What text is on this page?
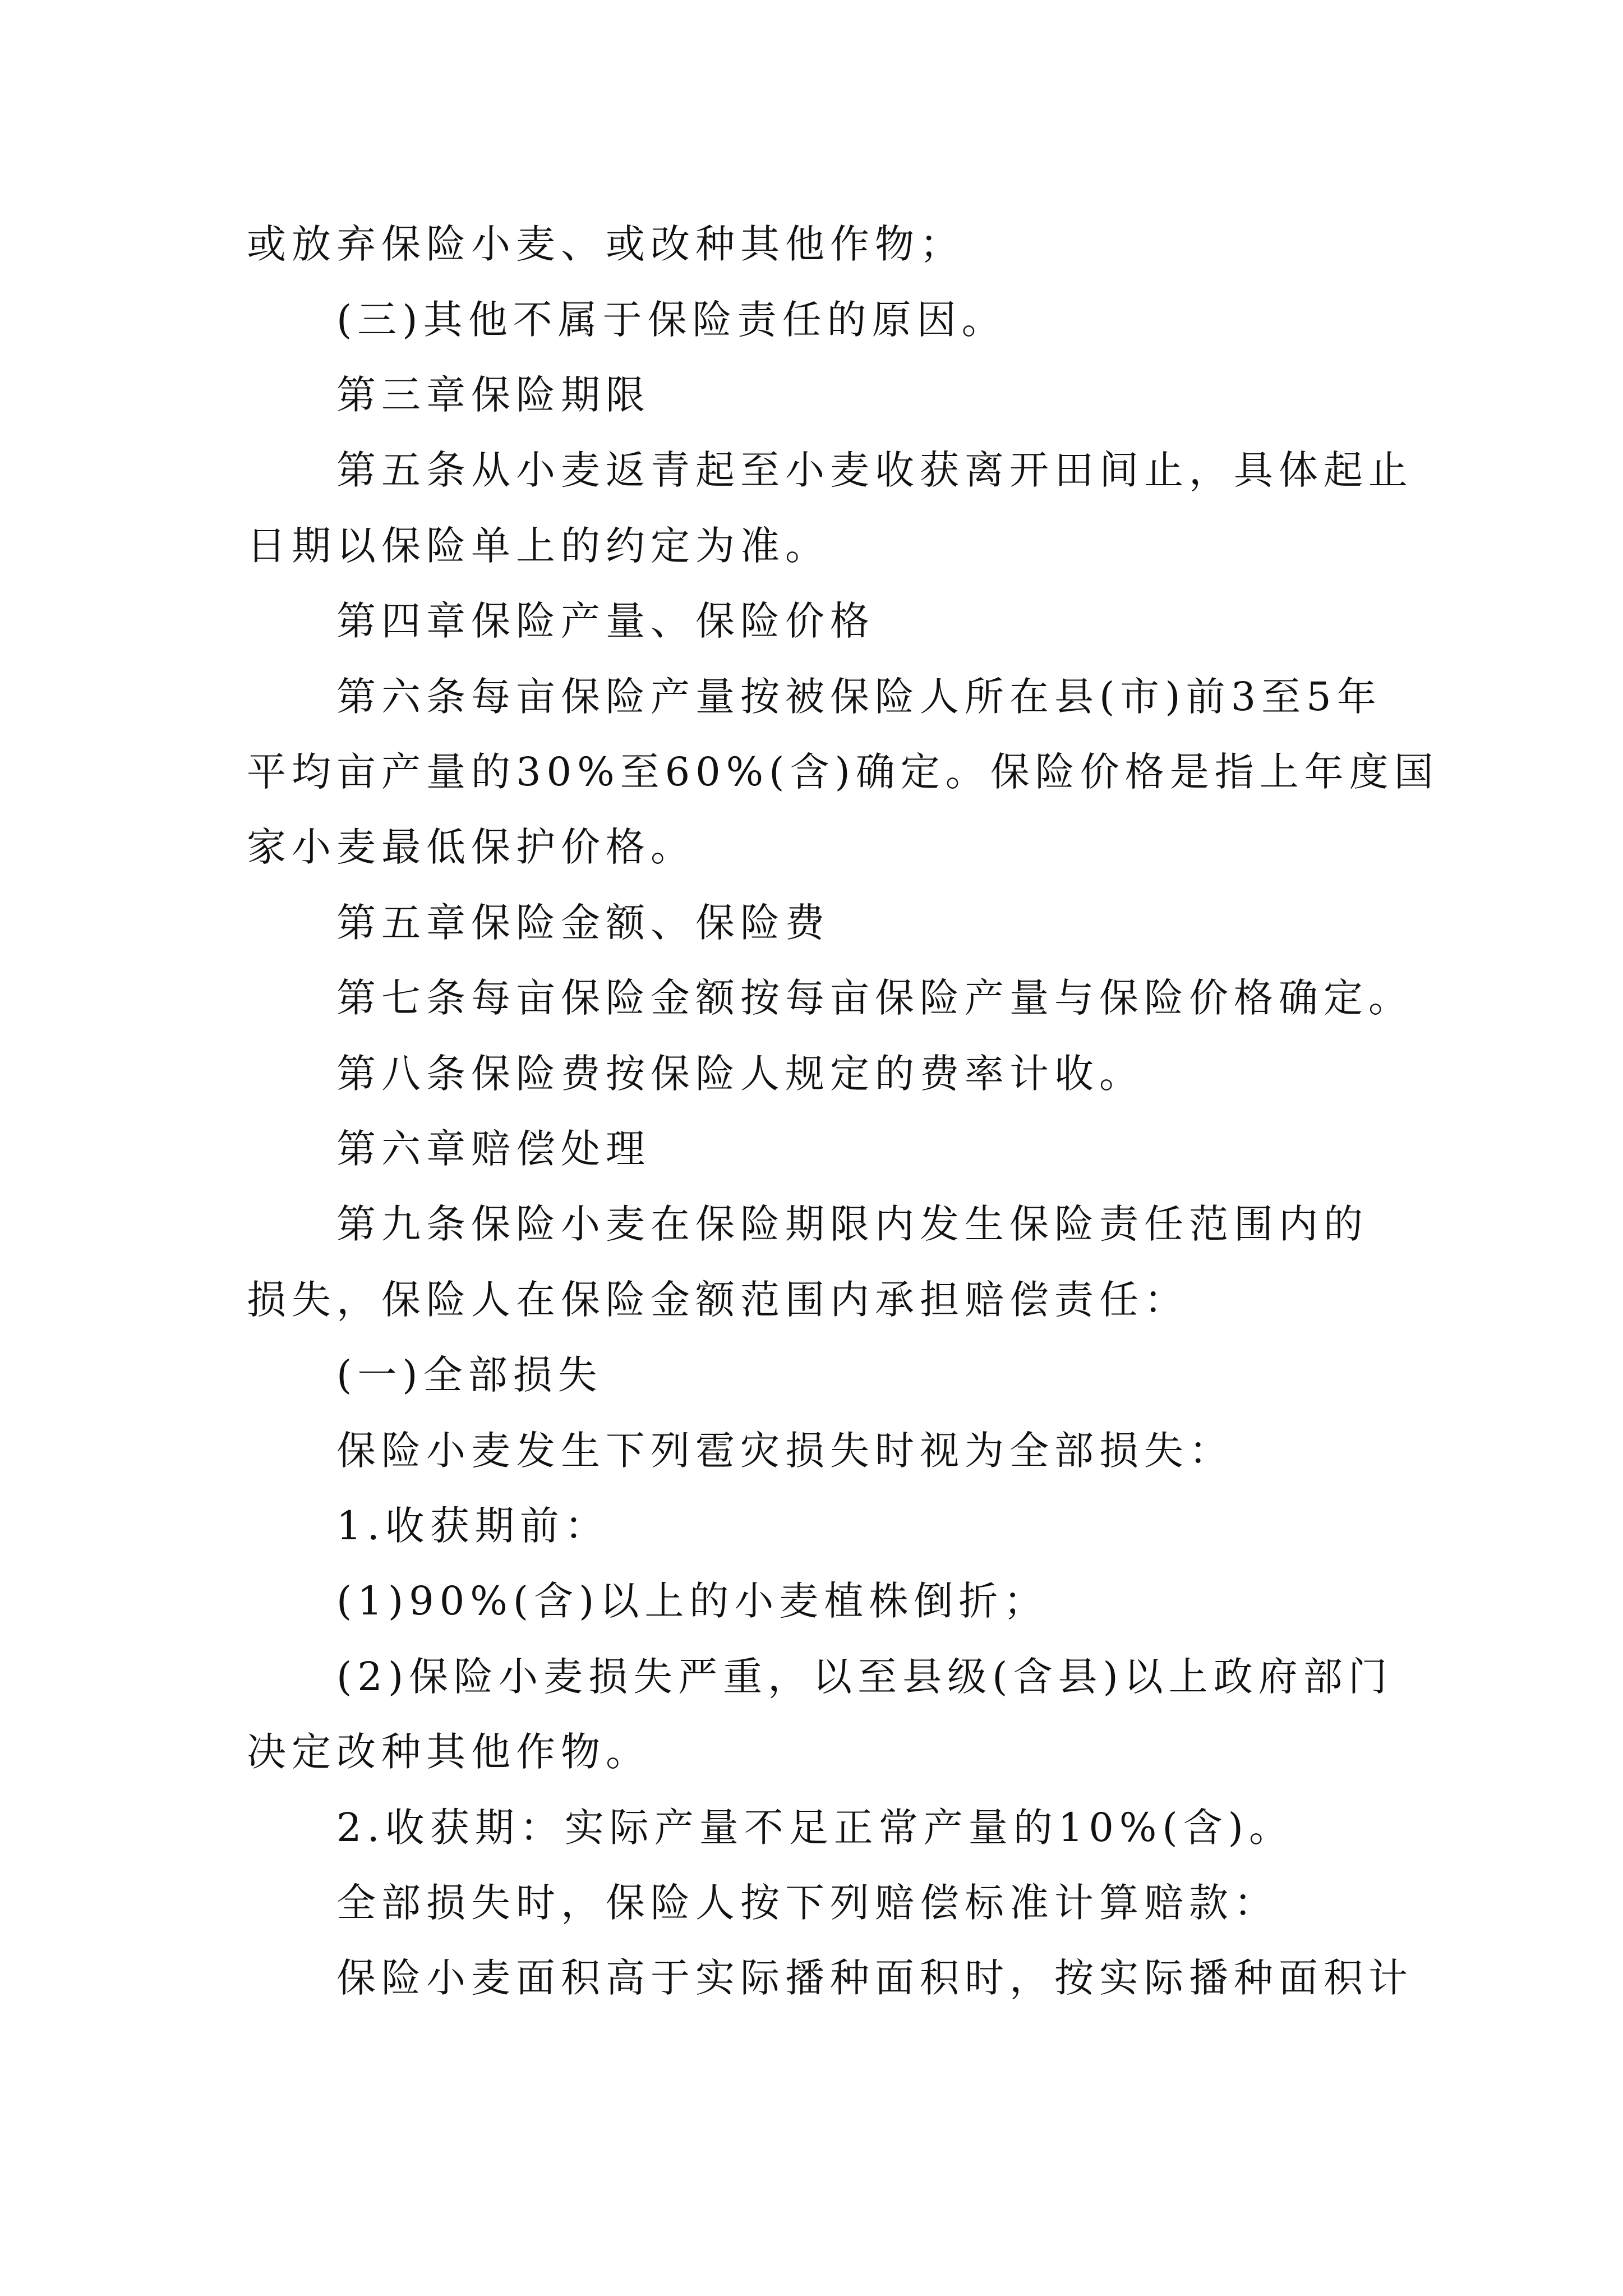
或放弃保险小麦、或改种其他作物；
(三)其他不属于保险责任的原因。
第三章保险期限
第五条从小麦返青起至小麦收获离开田间止，具体起止
日期以保险单上的约定为准。
第四章保险产量、保险价格
第六条每亩保险产量按被保险人所在县(市)前3至5年
平均亩产量的30%至60%(含)确定。保险价格是指上年度国
家小麦最低保护价格。
第五章保险金额、保险费
第七条每亩保险金额按每亩保险产量与保险价格确定。
第八条保险费按保险人规定的费率计收。
第六章赔偿处理
第九条保险小麦在保险期限内发生保险责任范围内的
损失，保险人在保险金额范围内承担赔偿责任：
(一)全部损失
保险小麦发生下列雹灾损失时视为全部损失：
1.收获期前：
(1)90%(含)以上的小麦植株倒折；
(2)保险小麦损失严重，以至县级(含县)以上政府部门
决定改种其他作物。
2.收获期：实际产量不足正常产量的10%(含)。
全部损失时，保险人按下列赔偿标准计算赔款：
保险小麦面积高于实际播种面积时，按实际播种面积计
